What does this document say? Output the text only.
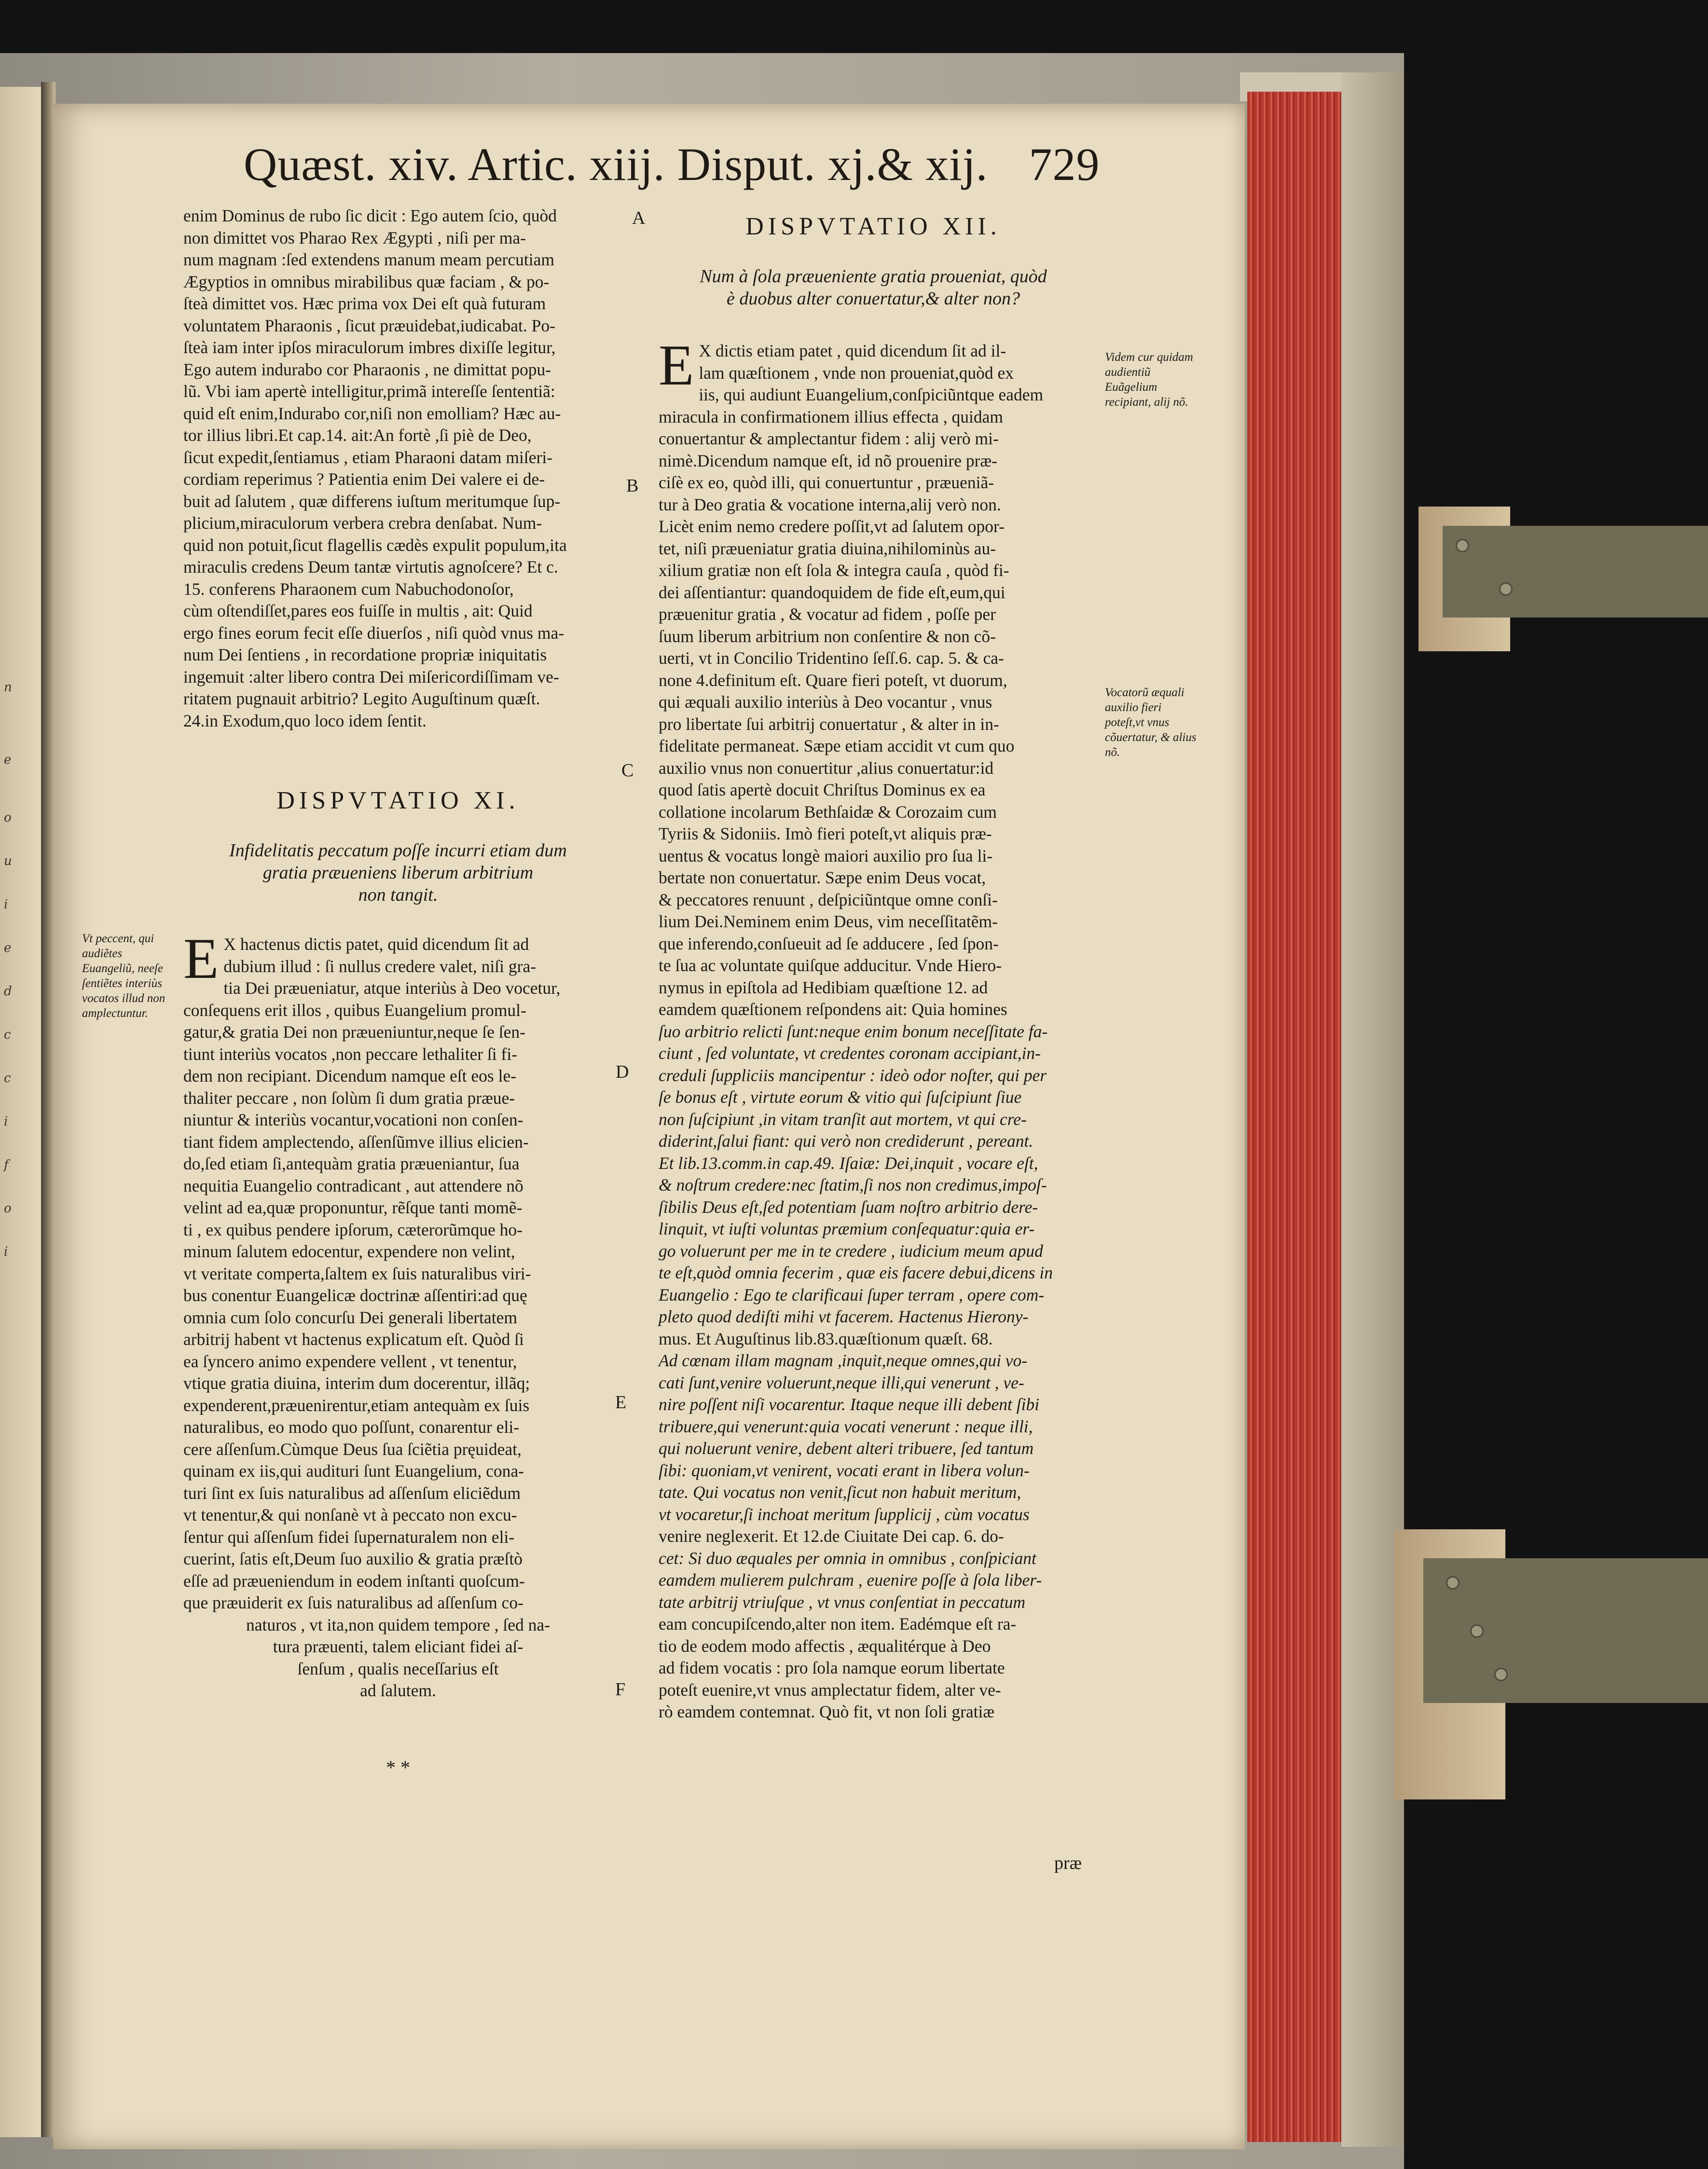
n
e
o
u
i
e
d
c
c
i
f
o
i
Quæst. xiv. Artic. xiij. Disput. xj.& xij. 729
A
B
C
D
E
F

enim Dominus de rubo ſic dicit : Ego autem ſcio, quòd

non dimittet vos Pharao Rex Ægypti , niſi per ma-

num magnam :ſed extendens manum meam percutiam

Ægyptios in omnibus mirabilibus quæ faciam , & po-

ſteà dimittet vos. Hæc prima vox Dei eſt quà futuram

voluntatem Pharaonis , ſicut præuidebat,iudicabat. Po-

ſteà iam inter ipſos miraculorum imbres dixiſſe legitur,

Ego autem indurabo cor Pharaonis , ne dimittat popu-

lũ. Vbi iam apertè intelligitur,primã intereſſe ſententiã:

quid eſt enim,Indurabo cor,niſi non emolliam? Hæc au-

tor illius libri.Et cap.14. ait:An fortè ,ſi piè de Deo,

ſicut expedit,ſentiamus , etiam Pharaoni datam miſeri-

cordiam reperimus ? Patientia enim Dei valere ei de-

buit ad ſalutem , quæ differens iuſtum meritumque ſup-

plicium,miraculorum verbera crebra denſabat. Num-

quid non potuit,ſicut flagellis cædès expulit populum,ita

miraculis credens Deum tantæ virtutis agnoſcere? Et c.

15. conferens Pharaonem cum Nabuchodonoſor,

cùm oſtendiſſet,pares eos fuiſſe in multis , ait: Quid

ergo fines eorum fecit eſſe diuerſos , niſi quòd vnus ma-

num Dei ſentiens , in recordatione propriæ iniquitatis

ingemuit :alter libero contra Dei miſericordiſſimam ve-

ritatem pugnauit arbitrio? Legito Auguſtinum quæſt.

24.in Exodum,quo loco idem ſentit.

DISPVTATIO XI.
Infidelitatis peccatum poſſe incurri etiam dum
gratia præueniens liberum arbitrium
non tangit.
Vt peccent, qui audiẽtes Euangeliũ, neeſe ſentiẽtes interiùs vocatos illud non amplectuntur.
E X hactenus dictis patet, quid dicendum ſit ad

dubium illud : ſi nullus credere valet, niſi gra-

tia Dei præueniatur, atque interiùs à Deo vocetur,

conſequens erit illos , quibus Euangelium promul-

gatur,& gratia Dei non præueniuntur,neque ſe ſen-

tiunt interiùs vocatos ,non peccare lethaliter ſi fi-

dem non recipiant. Dicendum namque eſt eos le-

thaliter peccare , non ſolùm ſi dum gratia præue-

niuntur & interiùs vocantur,vocationi non conſen-

tiant fidem amplectendo, aſſenſũmve illius elicien-

do,ſed etiam ſi,antequàm gratia præueniantur, ſua

nequitia Euangelio contradicant , aut attendere nõ

velint ad ea,quæ proponuntur, rẽſque tanti momẽ-

ti , ex quibus pendere ipſorum, cæterorũmque ho-

minum ſalutem edocentur, expendere non velint,

vt veritate comperta,ſaltem ex ſuis naturalibus viri-

bus conentur Euangelicæ doctrinæ aſſentiri:ad quę

omnia cum ſolo concurſu Dei generali libertatem

arbitrij habent vt hactenus explicatum eſt. Quòd ſi

ea ſyncero animo expendere vellent , vt tenentur,

vtique gratia diuina, interim dum docerentur, illãq;

expenderent,præuenirentur,etiam antequàm ex ſuis

naturalibus, eo modo quo poſſunt, conarentur eli-

cere aſſenſum.Cùmque Deus ſua ſciẽtia pręuideat,

quinam ex iis,qui audituri ſunt Euangelium, cona-

turi ſint ex ſuis naturalibus ad aſſenſum eliciẽdum

vt tenentur,& qui nonſanè vt à peccato non excu-

ſentur qui aſſenſum fidei ſupernaturalem non eli-

cuerint, ſatis eſt,Deum ſuo auxilio & gratia præſtò

eſſe ad præueniendum in eodem inſtanti quoſcum-

que præuiderit ex ſuis naturalibus ad aſſenſum co-

naturos , vt ita,non quidem tempore , ſed na-

tura præuenti, talem eliciant fidei aſ-

ſenſum , qualis neceſſarius eſt

ad ſalutem.

* *
DISPVTATIO XII.
Num à ſola præueniente gratia proueniat, quòd
è duobus alter conuertatur,& alter non?
E X dictis etiam patet , quid dicendum ſit ad il-

lam quæſtionem , vnde non proueniat,quòd ex

iis, qui audiunt Euangelium,conſpiciũntque eadem

miracula in confirmationem illius effecta , quidam

conuertantur & amplectantur fidem : alij verò mi-

nimè.Dicendum namque eſt, id nõ prouenire præ-

ciſè ex eo, quòd illi, qui conuertuntur , præueniã-

tur à Deo gratia & vocatione interna,alij verò non.

Licèt enim nemo credere poſſit,vt ad ſalutem opor-

tet, niſi præueniatur gratia diuina,nihilominùs au-

xilium gratiæ non eſt ſola & integra cauſa , quòd fi-

dei aſſentiantur: quandoquidem de fide eſt,eum,qui

præuenitur gratia , & vocatur ad fidem , poſſe per

ſuum liberum arbitrium non conſentire & non cõ-

uerti, vt in Concilio Tridentino ſeſſ.6. cap. 5. & ca-

none 4.definitum eſt. Quare fieri poteſt, vt duorum,

qui æquali auxilio interiùs à Deo vocantur , vnus

pro libertate ſui arbitrij conuertatur , & alter in in-

fidelitate permaneat. Sæpe etiam accidit vt cum quo

auxilio vnus non conuertitur ,alius conuertatur:id

quod ſatis apertè docuit Chriſtus Dominus ex ea

collatione incolarum Bethſaidæ & Corozaim cum

Tyriis & Sidoniis. Imò fieri poteſt,vt aliquis præ-

uentus & vocatus longè maiori auxilio pro ſua li-

bertate non conuertatur. Sæpe enim Deus vocat,

& peccatores renuunt , deſpiciũntque omne conſi-

lium Dei.Neminem enim Deus, vim neceſſitatẽm-

que inferendo,conſueuit ad ſe adducere , ſed ſpon-

te ſua ac voluntate quiſque adducitur. Vnde Hiero-

nymus in epiſtola ad Hedibiam quæſtione 12. ad

eamdem quæſtionem reſpondens ait: Quia homines

ſuo arbitrio relicti ſunt:neque enim bonum neceſſitate fa-

ciunt , ſed voluntate, vt credentes coronam accipiant,in-

creduli ſuppliciis mancipentur : ideò odor noſter, qui per

ſe bonus eſt , virtute eorum & vitio qui ſuſcipiunt ſiue

non ſuſcipiunt ,in vitam tranſit aut mortem, vt qui cre-

diderint,ſalui fiant: qui verò non crediderunt , pereant.

Et lib.13.comm.in cap.49. Iſaiæ: Dei,inquit , vocare eſt,

& noſtrum credere:nec ſtatim,ſi nos non credimus,impoſ-

ſibilis Deus eſt,ſed potentiam ſuam noſtro arbitrio dere-

linquit, vt iuſti voluntas præmium conſequatur:quia er-

go voluerunt per me in te credere , iudicium meum apud

te eſt,quòd omnia fecerim , quæ eis facere debui,dicens in

Euangelio : Ego te clarificaui ſuper terram , opere com-

pleto quod dediſti mihi vt facerem. Hactenus Hierony-

mus. Et Auguſtinus lib.83.quæſtionum quæſt. 68.

Ad cœnam illam magnam ,inquit,neque omnes,qui vo-

cati ſunt,venire voluerunt,neque illi,qui venerunt , ve-

nire poſſent niſi vocarentur. Itaque neque illi debent ſibi

tribuere,qui venerunt:quia vocati venerunt : neque illi,

qui noluerunt venire, debent alteri tribuere, ſed tantum

ſibi: quoniam,vt venirent, vocati erant in libera volun-

tate. Qui vocatus non venit,ſicut non habuit meritum,

vt vocaretur,ſi inchoat meritum ſupplicij , cùm vocatus

venire neglexerit. Et 12.de Ciuitate Dei cap. 6. do-

cet: Si duo æquales per omnia in omnibus , conſpiciant

eamdem mulierem pulchram , euenire poſſe à ſola liber-

tate arbitrij vtriuſque , vt vnus conſentiat in peccatum

eam concupiſcendo,alter non item. Eadémque eſt ra-

tio de eodem modo affectis , æqualitérque à Deo

ad fidem vocatis : pro ſola namque eorum libertate

poteſt euenire,vt vnus amplectatur fidem, alter ve-

rò eamdem contemnat. Quò fit, vt non ſoli gratiæ

præ
Videm cur quidam audientiũ Euãgelium recipiant, alij nõ.
Vocatorũ æquali auxilio fieri poteſt,vt vnus cõuertatur, & alius nõ.
